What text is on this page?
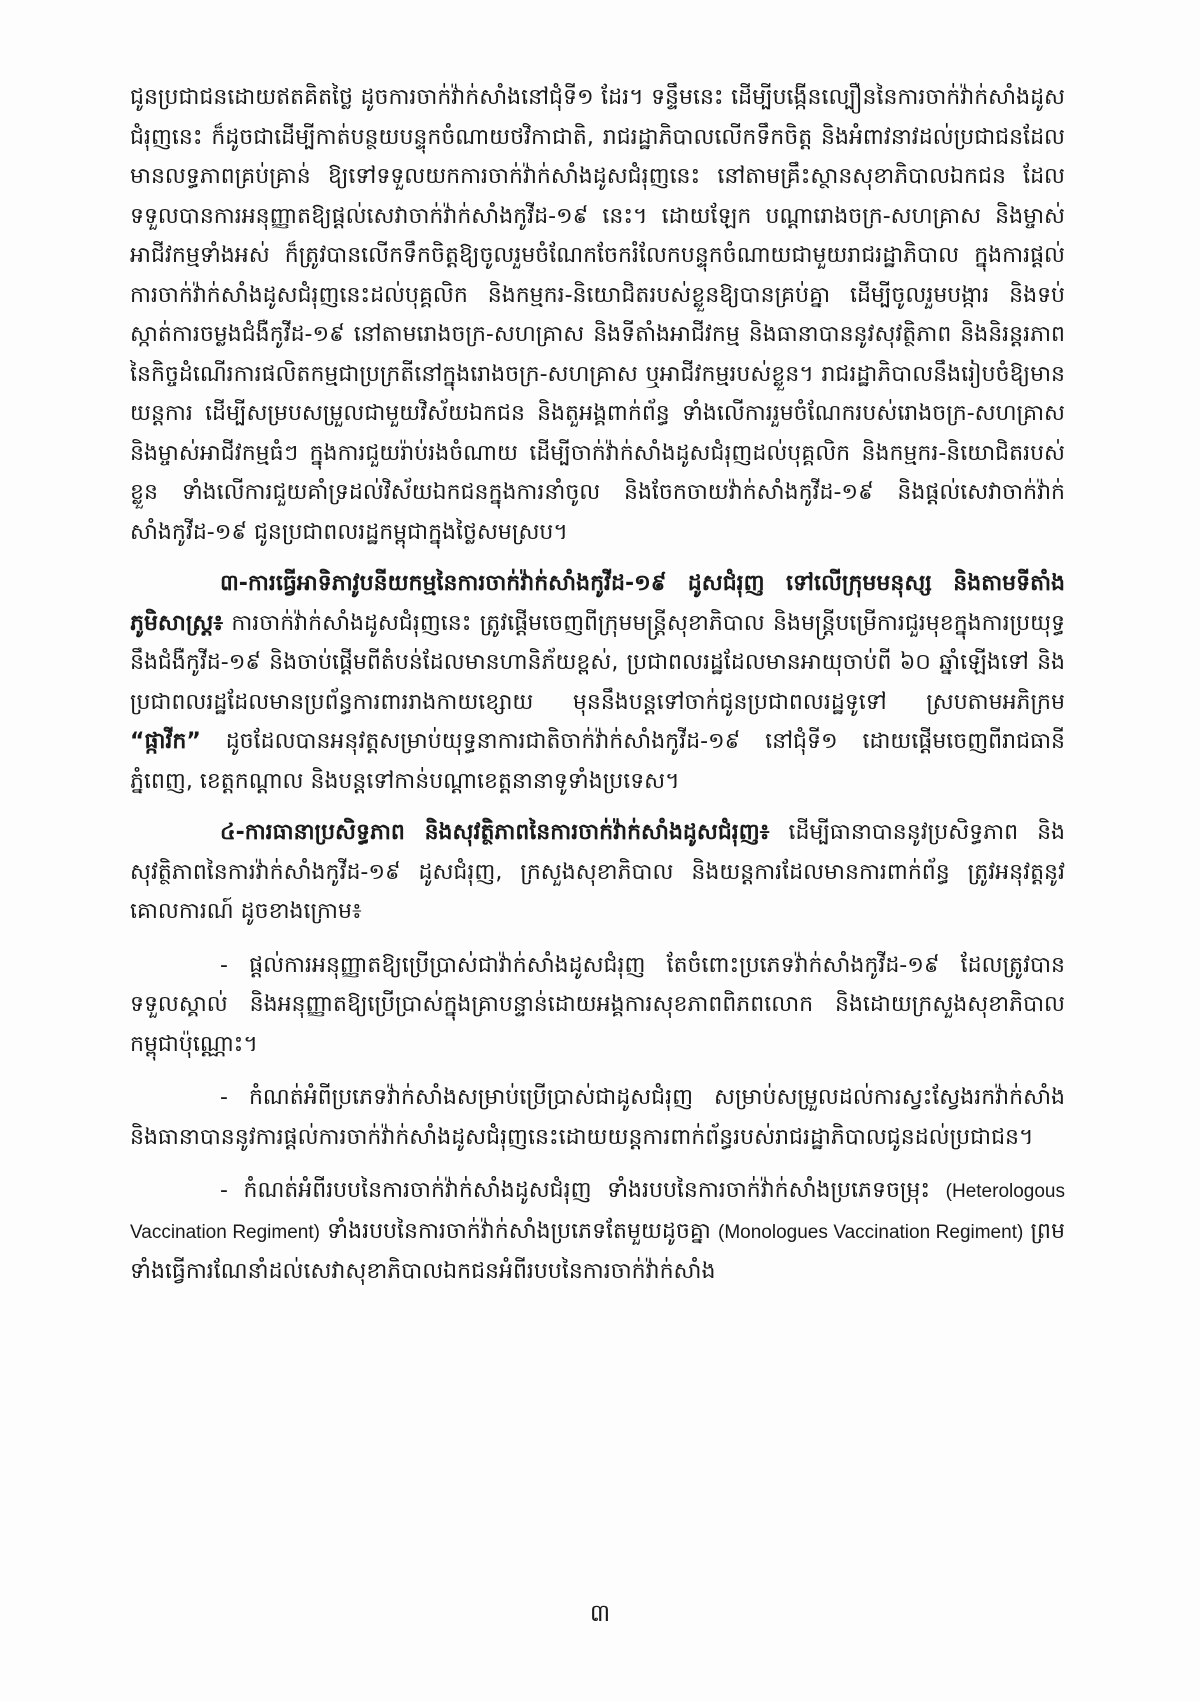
ជូនប្រជាជនដោយឥតគិតថ្លៃ ដូចការចាក់វ៉ាក់សាំងនៅជុំទី១ ដែរ។ ទន្ទឹមនេះ ដើម្បីបង្កើនល្បឿននៃការចាក់វ៉ាក់សាំងដូសជំរុញនេះ ក៏ដូចជាដើម្បីកាត់បន្ថយបន្ទុកចំណាយថវិកាជាតិ, រាជរដ្ឋាភិបាលលើកទឹកចិត្ត និងអំពាវនាវដល់ប្រជាជនដែលមានលទ្ធភាពគ្រប់គ្រាន់ ឱ្យទៅទទួលយកការចាក់វ៉ាក់សាំងដូសជំរុញនេះ នៅតាមគ្រឹះស្ថានសុខាភិបាលឯកជន ដែលទទួលបានការអនុញ្ញាតឱ្យផ្ដល់សេវាចាក់វ៉ាក់សាំងកូវីដ-១៩ នេះ។ ដោយឡែក បណ្ដារោងចក្រ-សហគ្រាស និងម្ចាស់អាជីវកម្មទាំងអស់ ក៏ត្រូវបានលើកទឹកចិត្តឱ្យចូលរួមចំណែកចែករំលែកបន្ទុកចំណាយជាមួយរាជរដ្ឋាភិបាល ក្នុងការផ្ដល់ការចាក់វ៉ាក់សាំងដូសជំរុញនេះដល់បុគ្គលិក និងកម្មករ-និយោជិតរបស់ខ្លួនឱ្យបានគ្រប់គ្នា ដើម្បីចូលរួមបង្ការ និងទប់ស្កាត់ការចម្លងជំងឺកូវីដ-១៩ នៅតាមរោងចក្រ-សហគ្រាស និងទីតាំងអាជីវកម្ម និងធានាបាននូវសុវត្ថិភាព និងនិរន្តរភាពនៃកិច្ចដំណើរការផលិតកម្មជាប្រក្រតីនៅក្នុងរោងចក្រ-សហគ្រាស ឬអាជីវកម្មរបស់ខ្លួន។ រាជរដ្ឋាភិបាលនឹងរៀបចំឱ្យមានយន្តការ ដើម្បីសម្របសម្រួលជាមួយវិស័យឯកជន និងតួអង្គពាក់ព័ន្ធ ទាំងលើការរួមចំណែករបស់រោងចក្រ-សហគ្រាស និងម្ចាស់អាជីវកម្មធំៗ ក្នុងការជួយរ៉ាប់រងចំណាយ ដើម្បីចាក់វ៉ាក់សាំងដូសជំរុញដល់បុគ្គលិក និងកម្មករ-និយោជិតរបស់ខ្លួន ទាំងលើការជួយគាំទ្រដល់វិស័យឯកជនក្នុងការនាំចូល និងចែកចាយវ៉ាក់សាំងកូវីដ-១៩ និងផ្ដល់សេវាចាក់វ៉ាក់សាំងកូវីដ-១៩ ជូនប្រជាពលរដ្ឋកម្ពុជាក្នុងថ្លៃសមស្រប។

៣-ការធ្វើអាទិភាវូបនីយកម្មនៃការចាក់វ៉ាក់សាំងកូវីដ-១៩ ដូសជំរុញ ទៅលើក្រុមមនុស្ស និងតាមទីតាំងភូមិសាស្ត្រ៖ ការចាក់វ៉ាក់សាំងដូសជំរុញនេះ ត្រូវផ្ដើមចេញពីក្រុមមន្ត្រីសុខាភិបាល និងមន្ត្រីបម្រើការជួរមុខក្នុងការប្រយុទ្ធនឹងជំងឺកូវីដ-១៩ និងចាប់ផ្ដើមពីតំបន់ដែលមានហានិភ័យខ្ពស់, ប្រជាពលរដ្ឋដែលមានអាយុចាប់ពី ៦០ ឆ្នាំឡើងទៅ និងប្រជាពលរដ្ឋដែលមានប្រព័ន្ធការពាររាងកាយខ្សោយ មុននឹងបន្តទៅចាក់ជូនប្រជាពលរដ្ឋទូទៅ ស្របតាមអភិក្រម “ផ្កាវីក” ដូចដែលបានអនុវត្តសម្រាប់យុទ្ធនាការជាតិចាក់វ៉ាក់សាំងកូវីដ-១៩ នៅជុំទី១ ដោយផ្ដើមចេញពីរាជធានីភ្នំពេញ, ខេត្តកណ្ដាល និងបន្តទៅកាន់បណ្ដាខេត្តនានាទូទាំងប្រទេស។

៤-ការធានាប្រសិទ្ធភាព និងសុវត្ថិភាពនៃការចាក់វ៉ាក់សាំងដូសជំរុញ៖ ដើម្បីធានាបាននូវប្រសិទ្ធភាព និងសុវត្ថិភាពនៃការវ៉ាក់សាំងកូវីដ-១៩ ដូសជំរុញ, ក្រសួងសុខាភិបាល និងយន្តការដែលមានការពាក់ព័ន្ធ ត្រូវអនុវត្តនូវគោលការណ៍ ដូចខាងក្រោម៖

- ផ្ដល់ការអនុញ្ញាតឱ្យប្រើប្រាស់ជាវ៉ាក់សាំងដូសជំរុញ តែចំពោះប្រភេទវ៉ាក់សាំងកូវីដ-១៩ ដែលត្រូវបានទទួលស្គាល់ និងអនុញ្ញាតឱ្យប្រើប្រាស់ក្នុងគ្រាបន្ទាន់ដោយអង្គការសុខភាពពិភពលោក និងដោយក្រសួងសុខាភិបាលកម្ពុជាប៉ុណ្ណោះ។

- កំណត់អំពីប្រភេទវ៉ាក់សាំងសម្រាប់ប្រើប្រាស់ជាដូសជំរុញ សម្រាប់សម្រួលដល់ការស្វះស្វែងរកវ៉ាក់សាំង និងធានាបាននូវការផ្ដល់ការចាក់វ៉ាក់សាំងដូសជំរុញនេះដោយយន្តការពាក់ព័ន្ធរបស់រាជរដ្ឋាភិបាលជូនដល់ប្រជាជន។

- កំណត់អំពីរបបនៃការចាក់វ៉ាក់សាំងដូសជំរុញ ទាំងរបបនៃការចាក់វ៉ាក់សាំងប្រភេទចម្រុះ (Heterologous Vaccination Regiment) ទាំងរបបនៃការចាក់វ៉ាក់សាំងប្រភេទតែមួយដូចគ្នា (Monologues Vaccination Regiment) ព្រមទាំងធ្វើការណែនាំដល់សេវាសុខាភិបាលឯកជនអំពីរបបនៃការចាក់វ៉ាក់សាំង

៣
